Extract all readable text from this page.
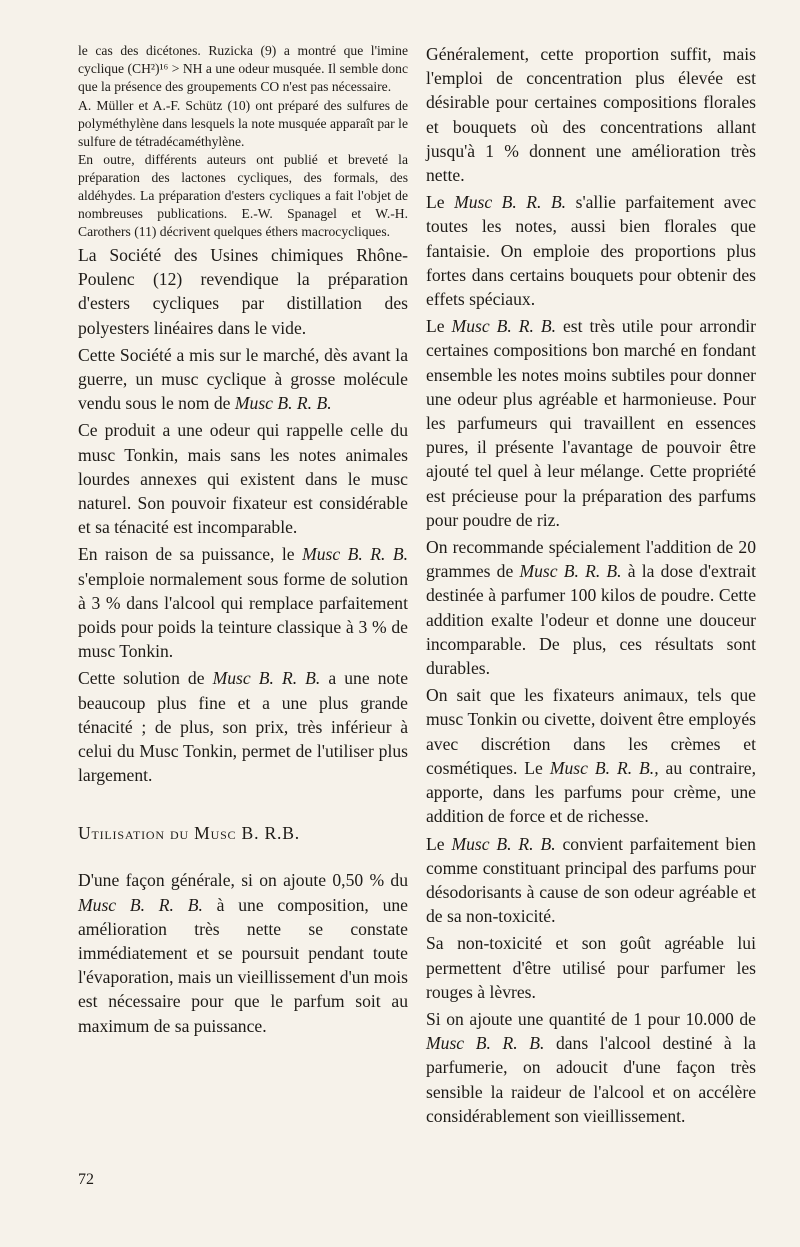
le cas des dicétones. Ruzicka (9) a montré que l'imine cyclique (CH²)¹⁶ > NH a une odeur musquée. Il semble donc que la présence des groupements CO n'est pas nécessaire.

A. Müller et A.-F. Schütz (10) ont préparé des sulfures de polyméthylène dans lesquels la note musquée apparaît par le sulfure de tétradécaméthylène.

En outre, différents auteurs ont publié et breveté la préparation des lactones cycliques, des formals, des aldéhydes. La préparation d'esters cycliques a fait l'objet de nombreuses publications. E.-W. Spanagel et W.-H. Carothers (11) décrivent quelques éthers macrocycliques.

La Société des Usines chimiques Rhône-Poulenc (12) revendique la préparation d'esters cycliques par distillation des polyesters linéaires dans le vide.

Cette Société a mis sur le marché, dès avant la guerre, un musc cyclique à grosse molécule vendu sous le nom de Musc B. R. B.

Ce produit a une odeur qui rappelle celle du musc Tonkin, mais sans les notes animales lourdes annexes qui existent dans le musc naturel. Son pouvoir fixateur est considérable et sa ténacité est incomparable.

En raison de sa puissance, le Musc B. R. B. s'emploie normalement sous forme de solution à 3 % dans l'alcool qui remplace parfaitement poids pour poids la teinture classique à 3 % de musc Tonkin.

Cette solution de Musc B. R. B. a une note beaucoup plus fine et a une plus grande ténacité ; de plus, son prix, très inférieur à celui du Musc Tonkin, permet de l'utiliser plus largement.

Utilisation du Musc B. R.B.

D'une façon générale, si on ajoute 0,50 % du Musc B. R. B. à une composition, une amélioration très nette se constate immédiatement et se poursuit pendant toute l'évaporation, mais un vieillissement d'un mois est nécessaire pour que le parfum soit au maximum de sa puissance.

Généralement, cette proportion suffit, mais l'emploi de concentration plus élevée est désirable pour certaines compositions florales et bouquets où des concentrations allant jusqu'à 1 % donnent une amélioration très nette.

Le Musc B. R. B. s'allie parfaitement avec toutes les notes, aussi bien florales que fantaisie. On emploie des proportions plus fortes dans certains bouquets pour obtenir des effets spéciaux.

Le Musc B. R. B. est très utile pour arrondir certaines compositions bon marché en fondant ensemble les notes moins subtiles pour donner une odeur plus agréable et harmonieuse. Pour les parfumeurs qui travaillent en essences pures, il présente l'avantage de pouvoir être ajouté tel quel à leur mélange. Cette propriété est précieuse pour la préparation des parfums pour poudre de riz.

On recommande spécialement l'addition de 20 grammes de Musc B. R. B. à la dose d'extrait destinée à parfumer 100 kilos de poudre. Cette addition exalte l'odeur et donne une douceur incomparable. De plus, ces résultats sont durables.

On sait que les fixateurs animaux, tels que musc Tonkin ou civette, doivent être employés avec discrétion dans les crèmes et cosmétiques. Le Musc B. R. B., au contraire, apporte, dans les parfums pour crème, une addition de force et de richesse.

Le Musc B. R. B. convient parfaitement bien comme constituant principal des parfums pour désodorisants à cause de son odeur agréable et de sa non-toxicité.

Sa non-toxicité et son goût agréable lui permettent d'être utilisé pour parfumer les rouges à lèvres.

Si on ajoute une quantité de 1 pour 10.000 de Musc B. R. B. dans l'alcool destiné à la parfumerie, on adoucit d'une façon très sensible la raideur de l'alcool et on accélère considérablement son vieillissement.

72
